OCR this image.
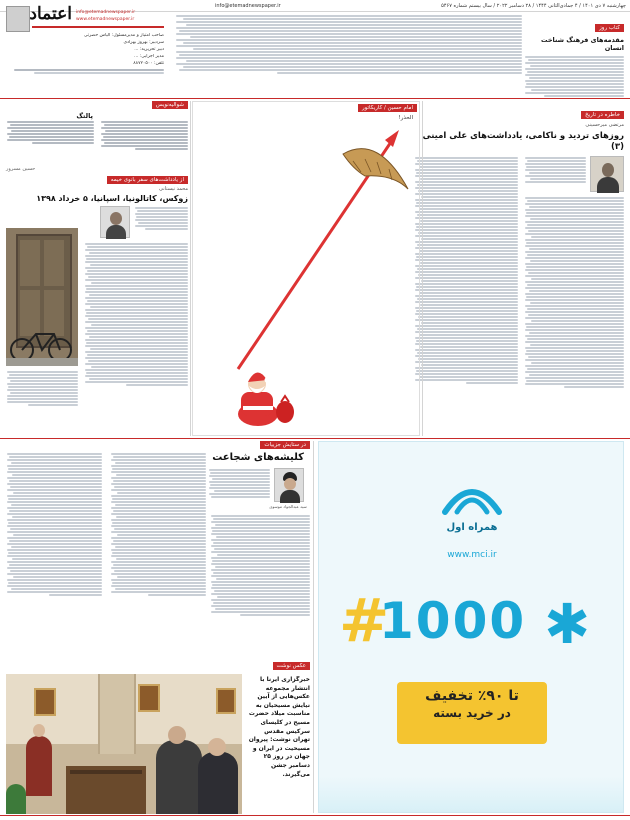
چهارشنبه ۷ دی ۱۴۰۱ / ۴ جمادی‌الثانی ۱۴۴۴ / ۲۸ دسامبر ۲۰۲۲ / سال بیستم شماره ۵۴۶۷
info@etemadnewspaper.ir
اعتماد info@etemadnewspaper.ir
www.etemadnewspaper.ir
صاحب امتیاز و مدیرمسئول: الیاس حضرتی
سردبیر: بهروز بهزادی
دبیر تحریریه: ...
مدیر اجرایی: ...
تلفن: ۸۸۷۲۰۵۰۰
کتاب روز
مقدمه‌های فرهنگ شناخت انسان
خاطره در تاریخ
مرتضی میرحسینی
روزهای تردید و ناکامی، یادداشت‌های علی امینی (۳)
امام حسین / کاریکاتور
الحذر!
شوالیه‌نویس
پالتگ
حسین مسرور
از یادداشت‌های سفر بانوی خیمه
محمد نیستانی
زوکس، کاتالونیا، اسپانیا، ۵ خرداد ۱۳۹۸
همراه اول
www.mci.ir
#
1000 ✱
تا ۹۰٪ تخفیف
در خرید بسته
در ستایش جزییات
کلیشه‌های شجاعت
سید عبدالجواد موسوی
عکس نوشت
خبرگزاری ایرنا با انتشار مجموعه عکس‌هایی از آیین نیایش مسیحیان به مناسبت میلاد حضرت مسیح در کلیسای سرکیس مقدس تهران نوشت: پیروان مسیحیت در ایران و جهان در روز ۲۵ دسامبر جشن می‌گیرند.
